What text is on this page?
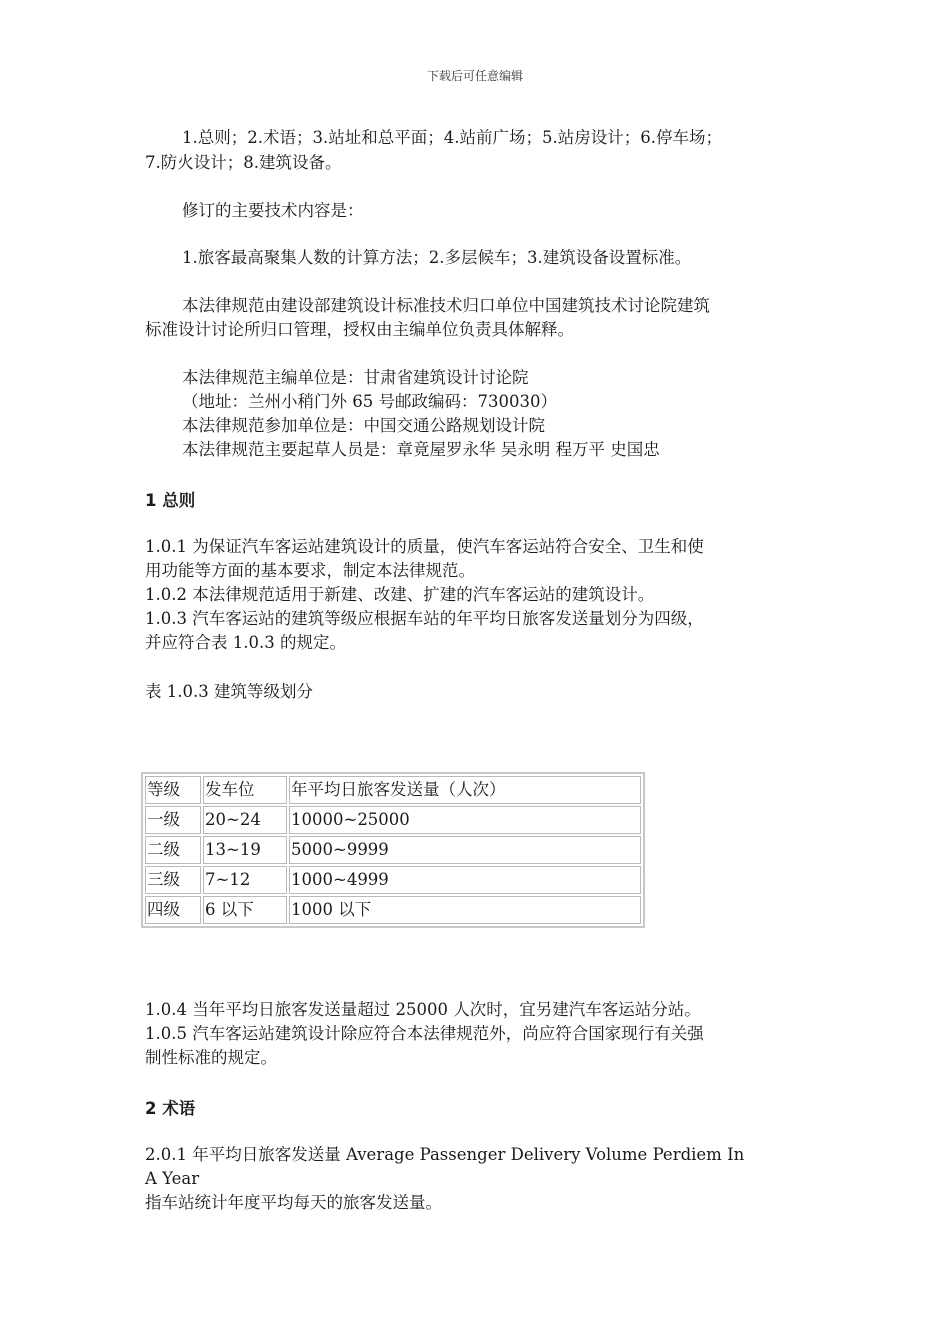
下载后可任意编辑

1.总则；2.术语；3.站址和总平面；4.站前广场；5.站房设计；6.停车场；

7.防火设计；8.建筑设备。

修订的主要技术内容是：

1.旅客最高聚集人数的计算方法；2.多层候车；3.建筑设备设置标准。

本法律规范由建设部建筑设计标准技术归口单位中国建筑技术讨论院建筑

标准设计讨论所归口管理，授权由主编单位负责具体解释。

本法律规范主编单位是：甘肃省建筑设计讨论院

（地址：兰州小稍门外 65 号邮政编码：730030）

本法律规范参加单位是：中国交通公路规划设计院

本法律规范主要起草人员是：章竟屋罗永华 吴永明 程万平 史国忠

1 总则

1.0.1 为保证汽车客运站建筑设计的质量，使汽车客运站符合安全、卫生和使

用功能等方面的基本要求，制定本法律规范。

1.0.2 本法律规范适用于新建、改建、扩建的汽车客运站的建筑设计。

1.0.3 汽车客运站的建筑等级应根据车站的年平均日旅客发送量划分为四级，

并应符合表 1.0.3 的规定。

表 1.0.3 建筑等级划分

等级	发车位	年平均日旅客发送量（人次）
一级	20~24	10000~25000
二级	13~19	5000~9999
三级	7~12	1000~4999
四级	6 以下	1000 以下

1.0.4 当年平均日旅客发送量超过 25000 人次时，宜另建汽车客运站分站。

1.0.5 汽车客运站建筑设计除应符合本法律规范外，尚应符合国家现行有关强

制性标准的规定。

2 术语

2.0.1 年平均日旅客发送量 Average Passenger Delivery Volume Perdiem In

A Year

指车站统计年度平均每天的旅客发送量。
